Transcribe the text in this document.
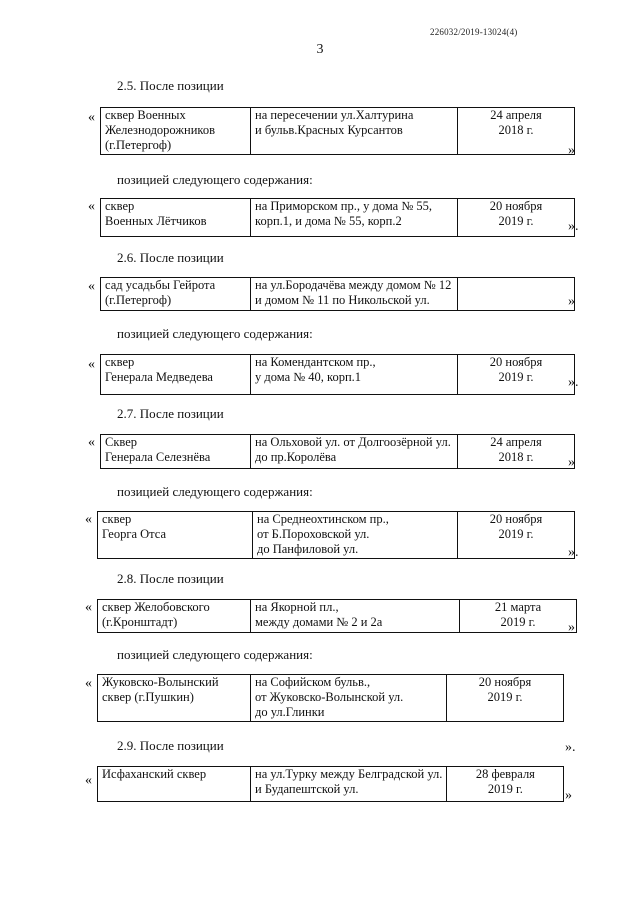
226032/2019-13024(4)
3
2.5. После позиции
« сквер Военных
Железнодорожников
(г.Петергоф)

на пересечении ул.Халтурина
и бульв.Красных Курсантов

24 апреля
2018 г.
»
позицией следующего содержания:
« сквер
Военных Лётчиков

на Приморском пр., у дома № 55,
корп.1, и дома № 55, корп.2

20 ноября
2019 г.	».
2.6. После позиции
« сад усадьбы Гейрота
(г.Петергоф)

на ул.Бородачёва между домом № 12
и домом № 11 по Никольской ул.
		»
позицией следующего содержания:
« сквер
Генерала Медведева

на Комендантском пр.,
у дома № 40, корп.1

20 ноября
2019 г.	».
2.7. После позиции
« Сквер
Генерала Селезнёва

на Ольховой ул. от Долгоозёрной ул.
до пр.Королёва

24 апреля
2018 г.	»
позицией следующего содержания:
« сквер
Георга Отса

на Среднеохтинском пр.,
от Б.Пороховской ул.
до Панфиловой ул.

20 ноября
2019 г.
».
2.8. После позиции
« сквер Желобовского
(г.Кронштадт)

на Якорной пл.,
между домами № 2 и 2а

21 марта
2019 г.	»
позицией следующего содержания:
« Жуковско-Волынский
сквер (г.Пушкин)

на Софийском бульв.,
от Жуковско-Волынской ул.
до ул.Глинки

20 ноября
2019 г.
».
2.9. После позиции
« Исфаханский сквер	на ул.Турку между Белградской ул.
и Будапештской ул.

28 февраля
2019 г.	»
